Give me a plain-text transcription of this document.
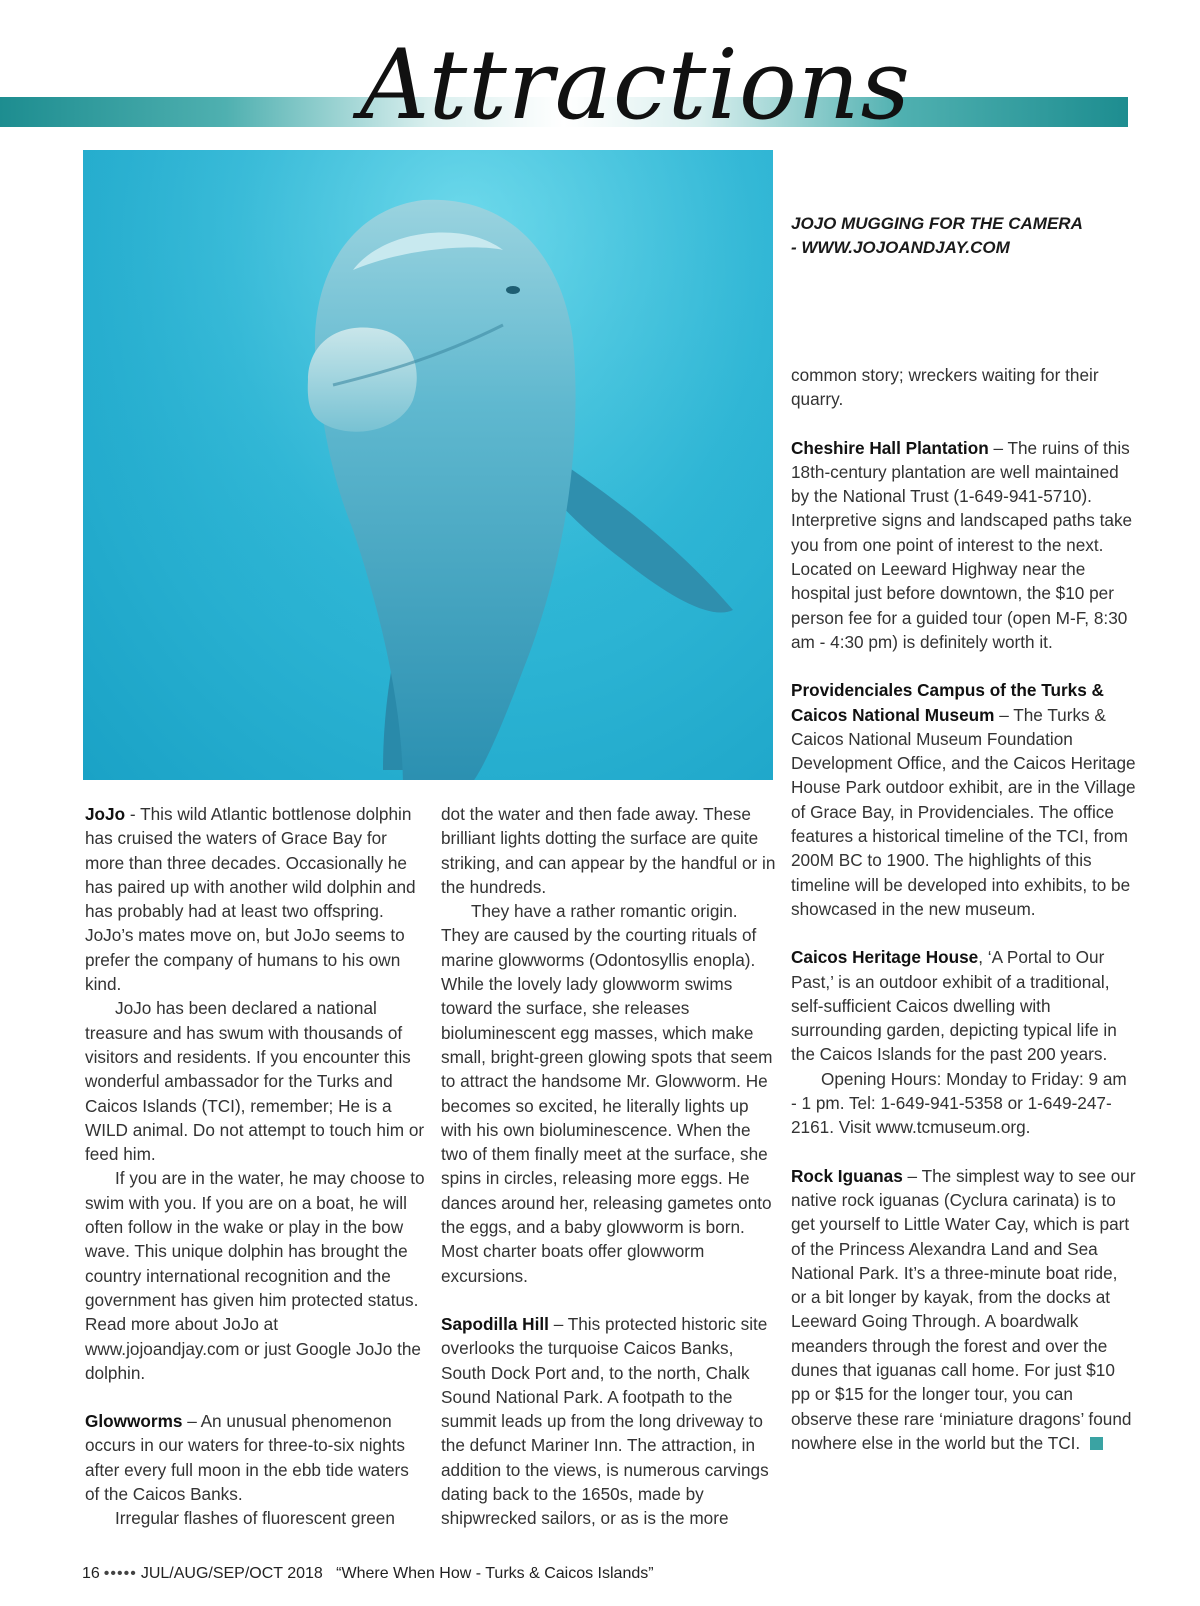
Attractions
JOJO MUGGING FOR THE CAMERA
- WWW.JOJOANDJAY.COM

JoJo - This wild Atlantic bottlenose dolphin has cruised the waters of Grace Bay for more than three decades. Occasionally he has paired up with another wild dolphin and has probably had at least two offspring. JoJo’s mates move on, but JoJo seems to prefer the company of humans to his own kind.

JoJo has been declared a national treasure and has swum with thousands of visitors and residents. If you encounter this wonderful ambassador for the Turks and Caicos Islands (TCI), remember; He is a WILD animal. Do not attempt to touch him or feed him.

If you are in the water, he may choose to swim with you. If you are on a boat, he will often follow in the wake or play in the bow wave. This unique dolphin has brought the country international recognition and the government has given him protected status. Read more about JoJo at www.jojoandjay.com or just Google JoJo the dolphin.

Glowworms – An unusual phenomenon occurs in our waters for three-to-six nights after every full moon in the ebb tide waters of the Caicos Banks.

Irregular flashes of fluorescent green

dot the water and then fade away. These brilliant lights dotting the surface are quite striking, and can appear by the handful or in the hundreds.

They have a rather romantic origin. They are caused by the courting rituals of marine glowworms (Odontosyllis enopla). While the lovely lady glowworm swims toward the surface, she releases bioluminescent egg masses, which make small, bright-green glowing spots that seem to attract the handsome Mr. Glowworm. He becomes so excited, he literally lights up with his own bioluminescence. When the two of them finally meet at the surface, she spins in circles, releasing more eggs. He dances around her, releasing gametes onto the eggs, and a baby glowworm is born. Most charter boats offer glowworm excursions.

Sapodilla Hill – This protected historic site overlooks the turquoise Caicos Banks, South Dock Port and, to the north, Chalk Sound National Park. A footpath to the summit leads up from the long driveway to the defunct Mariner Inn. The attraction, in addition to the views, is numerous carvings dating back to the 1650s, made by shipwrecked sailors, or as is the more

common story; wreckers waiting for their quarry.

Cheshire Hall Plantation – The ruins of this 18th-century plantation are well maintained by the National Trust (1-649-941-5710). Interpretive signs and landscaped paths take you from one point of interest to the next. Located on Leeward Highway near the hospital just before downtown, the $10 per person fee for a guided tour (open M-F, 8:30 am - 4:30 pm) is definitely worth it.

Providenciales Campus of the Turks & Caicos National Museum – The Turks & Caicos National Museum Foundation Development Office, and the Caicos Heritage House Park outdoor exhibit, are in the Village of Grace Bay, in Providenciales. The office features a historical timeline of the TCI, from 200M BC to 1900. The highlights of this timeline will be developed into exhibits, to be showcased in the new museum.

Caicos Heritage House, ‘A Portal to Our Past,’ is an outdoor exhibit of a traditional, self-sufficient Caicos dwelling with surrounding garden, depicting typical life in the Caicos Islands for the past 200 years.

Opening Hours: Monday to Friday: 9 am - 1 pm. Tel: 1-649-941-5358 or 1-649-247-2161. Visit www.tcmuseum.org.

Rock Iguanas – The simplest way to see our native rock iguanas (Cyclura carinata) is to get yourself to Little Water Cay, which is part of the Princess Alexandra Land and Sea National Park. It’s a three-minute boat ride, or a bit longer by kayak, from the docks at Leeward Going Through. A boardwalk meanders through the forest and over the dunes that iguanas call home. For just $10 pp or $15 for the longer tour, you can observe these rare ‘miniature dragons’ found nowhere else in the world but the TCI.

16 ••••• JUL/AUG/SEP/OCT 2018 “Where When How - Turks & Caicos Islands”
